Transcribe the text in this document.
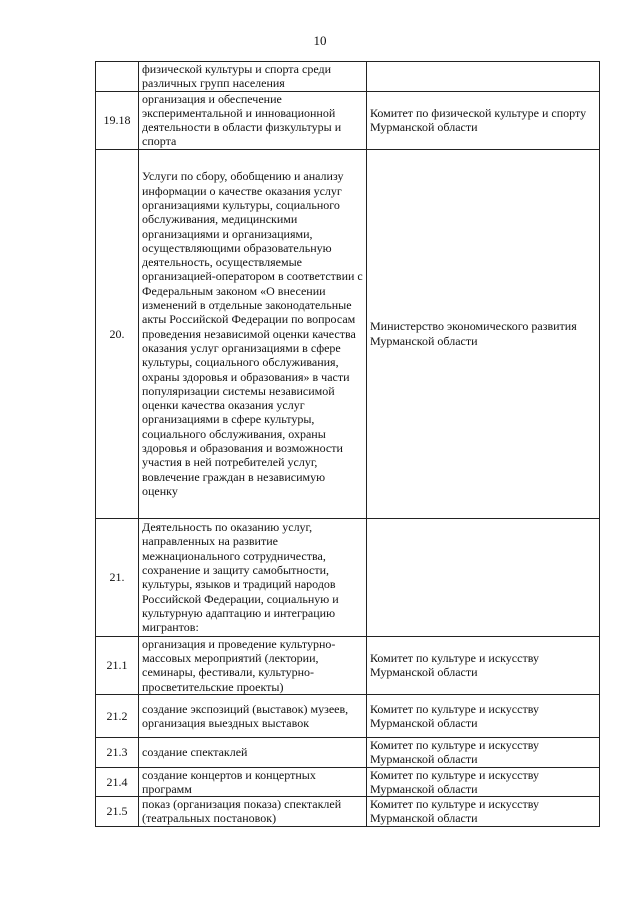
10
	физической культуры и спорта среди различных групп населения	
19.18	организация и обеспечение экспериментальной и инновационной деятельности в области физкультуры и спорта	Комитет по физической культуре и спорту Мурманской области
20.	Услуги по сбору, обобщению и анализу информации о качестве оказания услуг организациями культуры, социального обслуживания, медицинскими организациями и организациями, осуществляющими образовательную деятельность, осуществляемые организацией-оператором в соответствии с Федеральным законом «О внесении изменений в отдельные законодательные акты Российской Федерации по вопросам проведения независимой оценки качества оказания услуг организациями в сфере культуры, социального обслуживания, охраны здоровья и образования» в части популяризации системы независимой оценки качества оказания услуг организациями в сфере культуры, социального обслуживания, охраны здоровья и образования и возможности участия в ней потребителей услуг, вовлечение граждан в независимую оценку	Министерство экономического развития Мурманской области
21.	Деятельность по оказанию услуг, направленных на развитие межнационального сотрудничества, сохранение и защиту самобытности, культуры, языков и традиций народов Российской Федерации, социальную и культурную адаптацию и интеграцию мигрантов:	
21.1	организация и проведение культурно-массовых мероприятий (лектории, семинары, фестивали, культурно-просветительские проекты)	Комитет по культуре и искусству Мурманской области
21.2	создание экспозиций (выставок) музеев, организация выездных выставок	Комитет по культуре и искусству Мурманской области
21.3	создание спектаклей	Комитет по культуре и искусству Мурманской области
21.4	создание концертов и концертных программ	Комитет по культуре и искусству Мурманской области
21.5	показ (организация показа) спектаклей (театральных постановок)	Комитет по культуре и искусству Мурманской области
